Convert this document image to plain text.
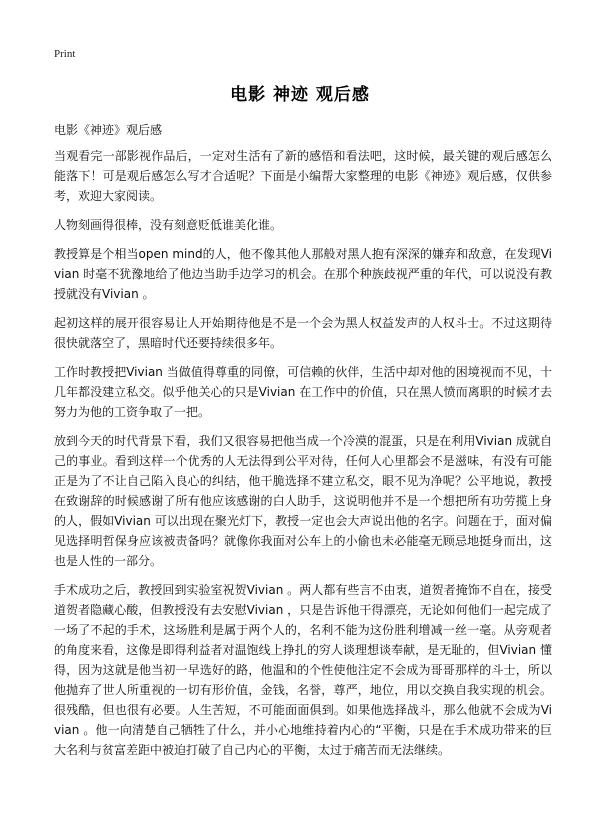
Print
电影 神迹 观后感
电影《神迹》观后感

当观看完一部影视作品后，一定对生活有了新的感悟和看法吧，这时候，最关键的观后感怎么能落下！可是观后感怎么写才合适呢？下面是小编帮大家整理的电影《神迹》观后感，仅供参考，欢迎大家阅读。

人物刻画得很棒，没有刻意贬低谁美化谁。

教授算是个相当open mind的人，他不像其他人那般对黑人抱有深深的嫌弃和敌意，在发现Vivian 时毫不犹豫地给了他边当助手边学习的机会。在那个种族歧视严重的年代，可以说没有教授就没有Vivian 。

起初这样的展开很容易让人开始期待他是不是一个会为黑人权益发声的人权斗士。不过这期待很快就落空了，黑暗时代还要持续很多年。

工作时教授把Vivian 当做值得尊重的同僚，可信赖的伙伴，生活中却对他的困境视而不见，十几年都没建立私交。似乎他关心的只是Vivian 在工作中的价值，只在黑人愤而离职的时候才去努力为他的工资争取了一把。

放到今天的时代背景下看，我们又很容易把他当成一个冷漠的混蛋，只是在利用Vivian 成就自己的事业。看到这样一个优秀的人无法得到公平对待，任何人心里都会不是滋味，有没有可能正是为了不让自己陷入良心的纠结，他干脆选择不建立私交，眼不见为净呢？公平地说，教授在致谢辞的时候感谢了所有他应该感谢的白人助手，这说明他并不是一个想把所有功劳揽上身的人，假如Vivian 可以出现在聚光灯下，教授一定也会大声说出他的名字。问题在于，面对偏见选择明哲保身应该被责备吗？就像你我面对公车上的小偷也未必能毫无顾忌地挺身而出，这也是人性的一部分。

手术成功之后，教授回到实验室祝贺Vivian 。两人都有些言不由衷，道贺者掩饰不自在，接受道贺者隐藏心酸，但教授没有去安慰Vivian ，只是告诉他干得漂亮，无论如何他们一起完成了一场了不起的手术，这场胜利是属于两个人的，名利不能为这份胜利增减一丝一毫。从旁观者的角度来看，这像是即得利益者对温饱线上挣扎的穷人谈理想谈奉献，是无耻的，但Vivian 懂得，因为这就是他当初一早选好的路，他温和的个性使他注定不会成为哥哥那样的斗士，所以他抛弃了世人所重视的一切有形价值，金钱，名誉，尊严，地位，用以交换自我实现的机会。很残酷，但也很有必要。人生苦短，不可能面面俱到。如果他选择战斗，那么他就不会成为Vivian 。他一向清楚自己牺牲了什么，并小心地维持着内心的“平衡，只是在手术成功带来的巨大名利与贫富差距中被迫打破了自己内心的平衡，太过于痛苦而无法继续。
